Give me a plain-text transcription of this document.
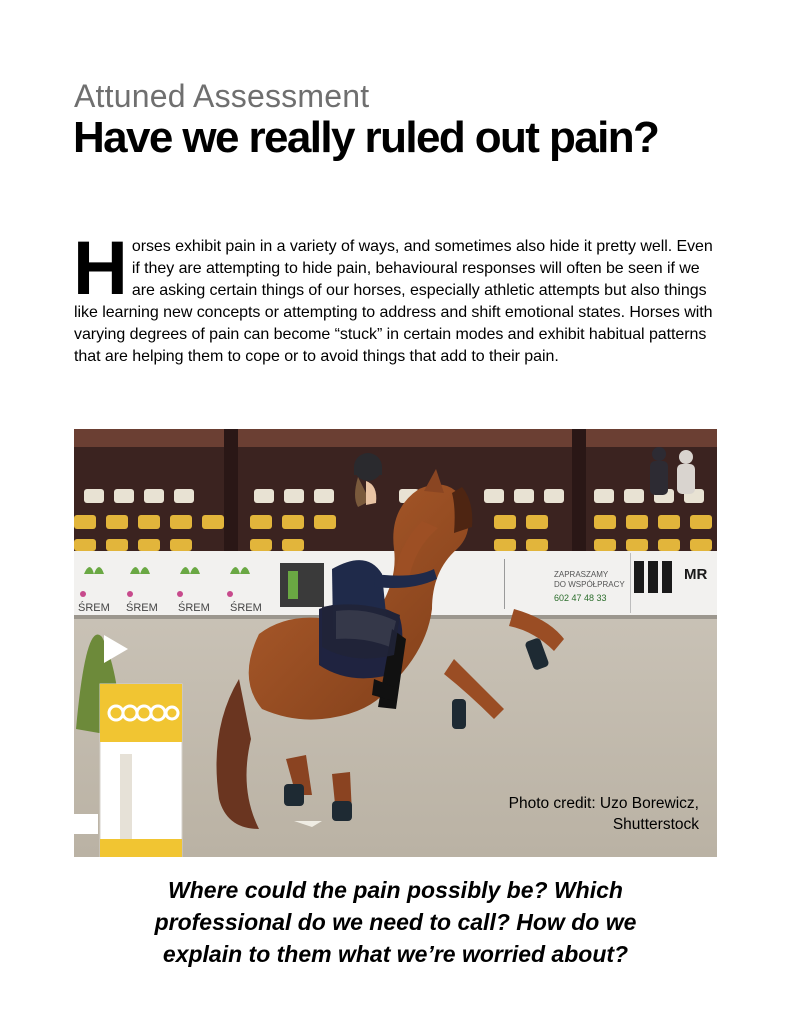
Attuned Assessment
Have we really ruled out pain?

Horses exhibit pain in a variety of ways, and sometimes also hide it pretty well. Even if they are attempting to hide pain, behavioural responses will often be seen if we are asking certain things of our horses, especially athletic attempts but also things like learning new concepts or attempting to address and shift emotional states. Horses with varying degrees of pain can become “stuck” in certain modes and exhibit habitual patterns that are helping them to cope or to avoid things that add to their pain.

ŚREM ŚREM ŚREM ŚREM
ZAPRASZAMY
DO WSPÓŁPRACY
602 47 48 33
MR
Photo credit: Uzo Borewicz,
Shutterstock

Where could the pain possibly be? Which
professional do we need to call? How do we
explain to them what we’re worried about?
